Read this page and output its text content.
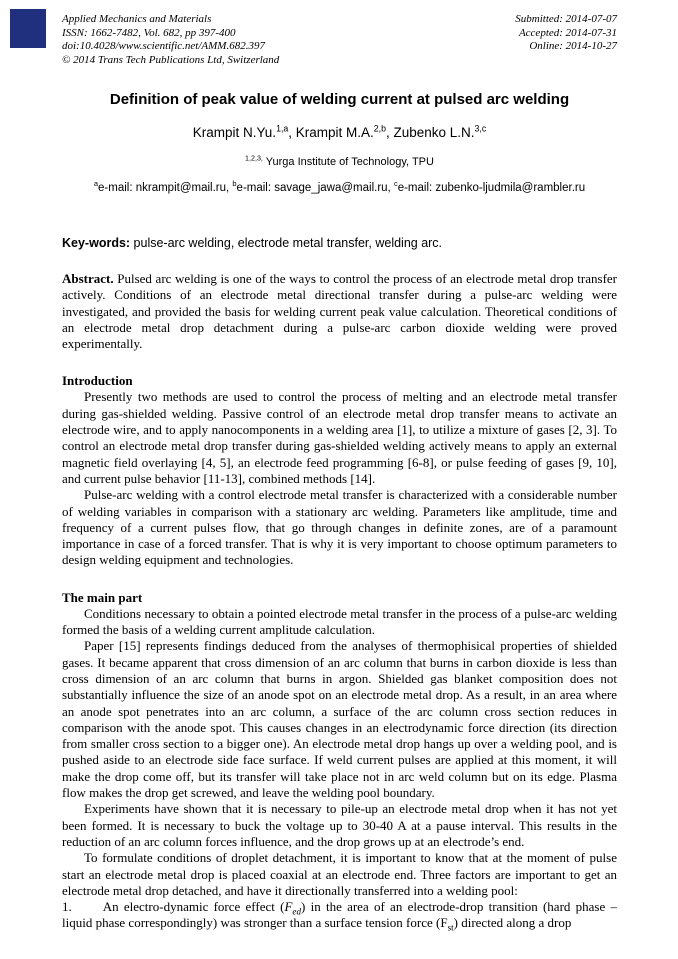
Applied Mechanics and Materials
ISSN: 1662-7482, Vol. 682, pp 397-400
doi:10.4028/www.scientific.net/AMM.682.397
© 2014 Trans Tech Publications Ltd, Switzerland
Submitted: 2014-07-07
Accepted: 2014-07-31
Online: 2014-10-27
Definition of peak value of welding current at pulsed arc welding
Krampit N.Yu.$^{1,a}$, Krampit M.A.$^{2,b}$, Zubenko L.N.$^{3,c}$
$^{1,2,3,}$ Yurga Institute of Technology, TPU
$^a$e-mail: nkrampit@mail.ru, $^b$e-mail: savage_jawa@mail.ru, $^c$e-mail: zubenko-ljudmila@rambler.ru
Key-words: pulse-arc welding, electrode metal transfer, welding arc.
Abstract. Pulsed arc welding is one of the ways to control the process of an electrode metal drop transfer actively. Conditions of an electrode metal directional transfer during a pulse-arc welding were investigated, and provided the basis for welding current peak value calculation. Theoretical conditions of an electrode metal drop detachment during a pulse-arc carbon dioxide welding were proved experimentally.
Introduction

Presently two methods are used to control the process of melting and an electrode metal transfer during gas-shielded welding. Passive control of an electrode metal drop transfer means to activate an electrode wire, and to apply nanocomponents in a welding area [1], to utilize a mixture of gases [2, 3]. To control an electrode metal drop transfer during gas-shielded welding actively means to apply an external magnetic field overlaying [4, 5], an electrode feed programming [6-8], or pulse feeding of gases [9, 10], and current pulse behavior [11-13], combined methods [14].

Pulse-arc welding with a control electrode metal transfer is characterized with a considerable number of welding variables in comparison with a stationary arc welding. Parameters like amplitude, time and frequency of a current pulses flow, that go through changes in definite zones, are of a paramount importance in case of a forced transfer. That is why it is very important to choose optimum parameters to design welding equipment and technologies.

The main part

Conditions necessary to obtain a pointed electrode metal transfer in the process of a pulse-arc welding formed the basis of a welding current amplitude calculation.

Paper [15] represents findings deduced from the analyses of thermophisical properties of shielded gases. It became apparent that cross dimension of an arc column that burns in carbon dioxide is less than cross dimension of an arc column that burns in argon. Shielded gas blanket composition does not substantially influence the size of an anode spot on an electrode metal drop. As a result, in an area where an anode spot penetrates into an arc column, a surface of the arc column cross section reduces in comparison with the anode spot. This causes changes in an electrodynamic force direction (its direction from smaller cross section to a bigger one). An electrode metal drop hangs up over a welding pool, and is pushed aside to an electrode side face surface. If weld current pulses are applied at this moment, it will make the drop come off, but its transfer will take place not in arc weld column but on its edge. Plasma flow makes the drop get screwed, and leave the welding pool boundary.

Experiments have shown that it is necessary to pile-up an electrode metal drop when it has not yet been formed. It is necessary to buck the voltage up to 30-40 A at a pause interval. This results in the reduction of an arc column forces influence, and the drop grows up at an electrode’s end.

To formulate conditions of droplet detachment, it is important to know that at the moment of pulse start an electrode metal drop is placed coaxial at an electrode end. Three factors are important to get an electrode metal drop detached, and have it directionally transferred into a welding pool:

1. An electro-dynamic force effect $(F_{ed})$ in the area of an electrode-drop transition (hard phase – liquid phase correspondingly) was stronger than a surface tension force $(F_{st})$ directed along a drop
